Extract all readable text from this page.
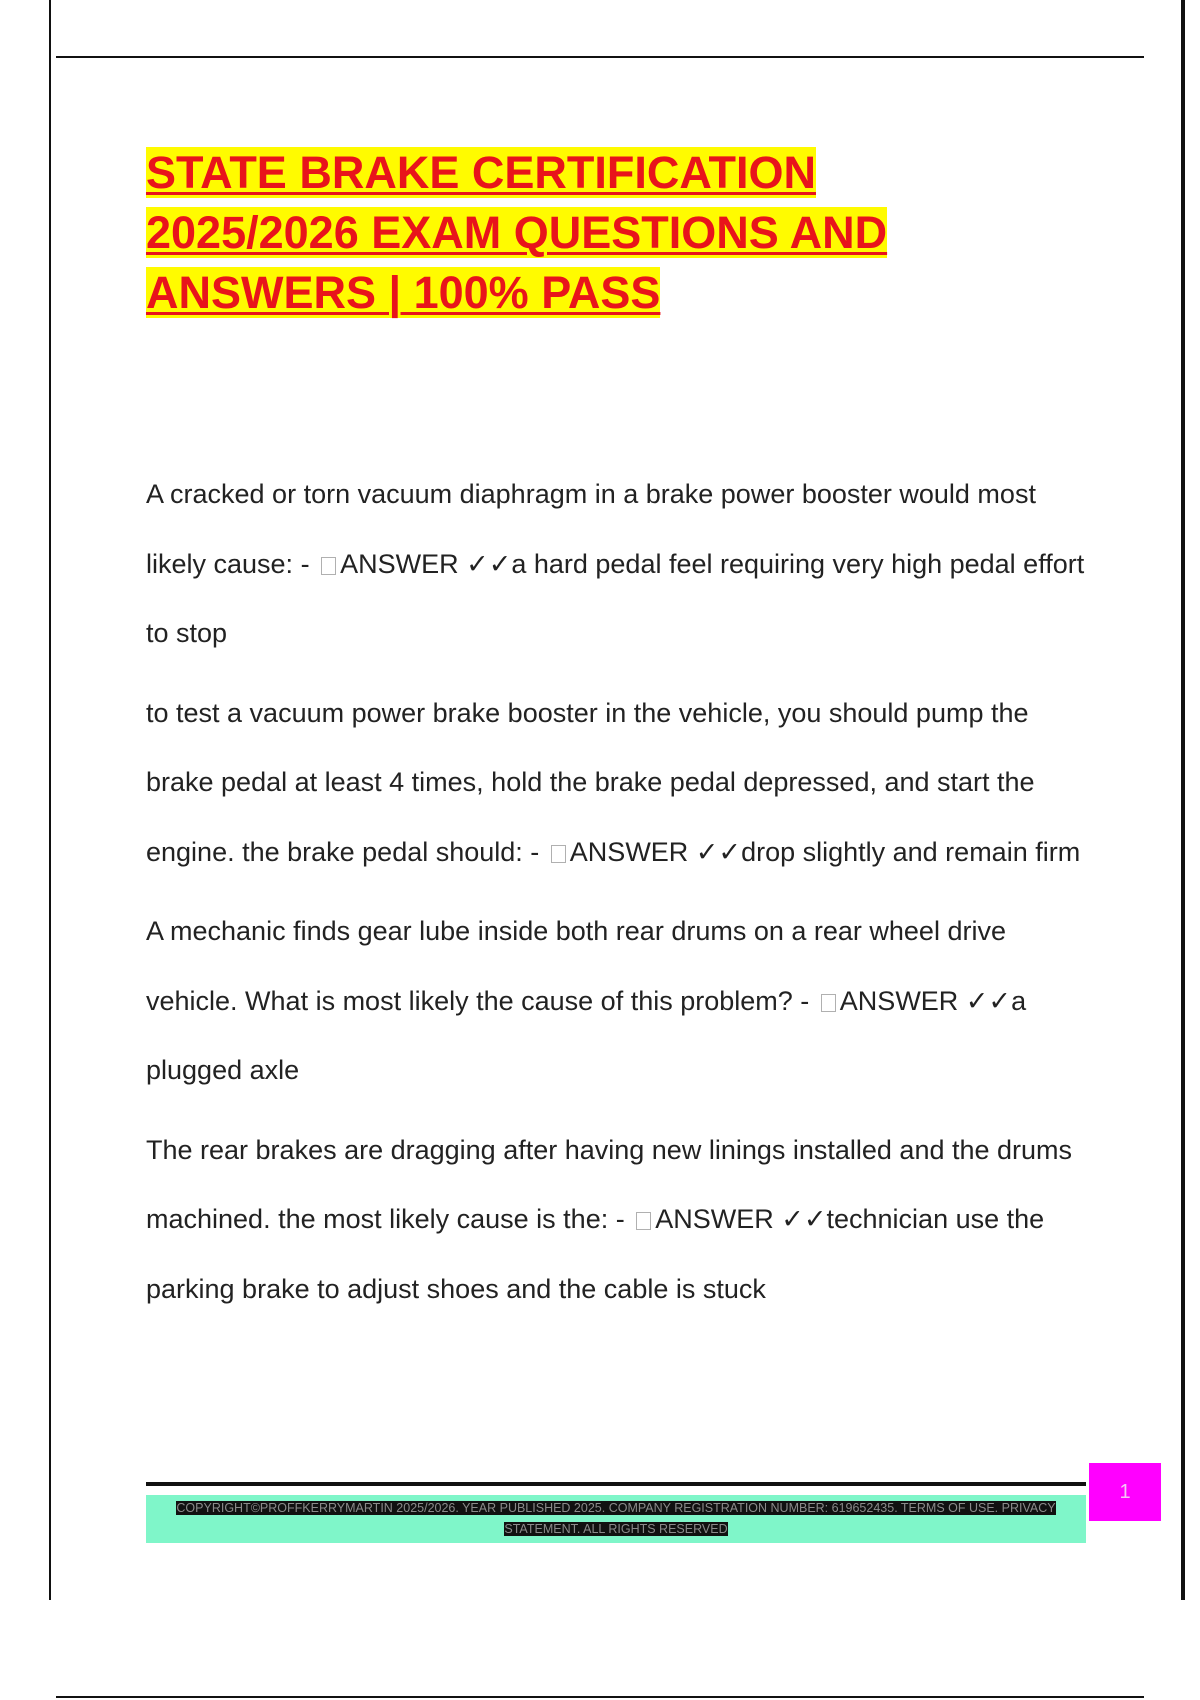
STATE BRAKE CERTIFICATION
2025/2026 EXAM QUESTIONS AND
ANSWERS | 100% PASS

A cracked or torn vacuum diaphragm in a brake power booster would most likely cause: - ANSWER ✓✓a hard pedal feel requiring very high pedal effort to stop

to test a vacuum power brake booster in the vehicle, you should pump the brake pedal at least 4 times, hold the brake pedal depressed, and start the engine. the brake pedal should: - ANSWER ✓✓drop slightly and remain firm

A mechanic finds gear lube inside both rear drums on a rear wheel drive vehicle. What is most likely the cause of this problem? - ANSWER ✓✓a plugged axle

The rear brakes are dragging after having new linings installed and the drums machined. the most likely cause is the: - ANSWER ✓✓technician use the parking brake to adjust shoes and the cable is stuck

COPYRIGHT©PROFFKERRYMARTIN 2025/2026. YEAR PUBLISHED 2025. COMPANY REGISTRATION NUMBER: 619652435. TERMS OF USE. PRIVACY STATEMENT. ALL RIGHTS RESERVED
1
